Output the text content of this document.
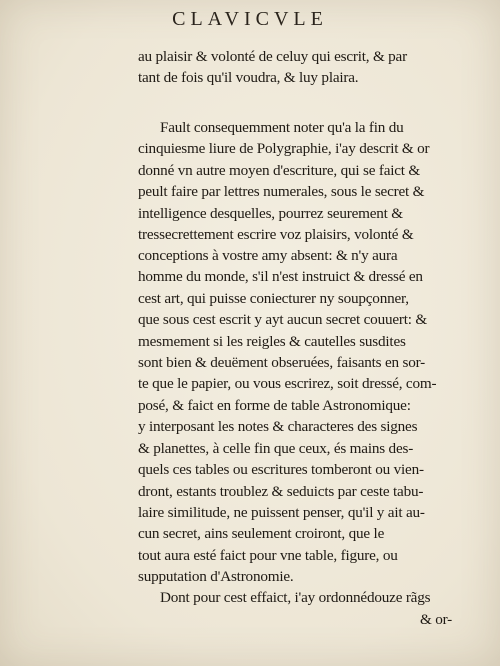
CLAVICVLE
au plaisir & volonté de celuy qui escrit, & par
tant de fois qu'il voudra, & luy plaira.
Fault consequemment noter qu'a la fin du
cinquiesme liure de Polygraphie, i'ay descrit & or
donné vn autre moyen d'escriture, qui se faict &
peult faire par lettres numerales, sous le secret &
intelligence desquelles, pourrez seurement &
tressecrettement escrire voz plaisirs, volonté &
conceptions à vostre amy absent: & n'y aura
homme du monde, s'il n'est instruict & dressé en
cest art, qui puisse coniecturer ny soupçonner,
que sous cest escrit y ayt aucun secret couuert: &
mesmement si les reigles & cautelles susdites
sont bien & deuëment obseruées, faisants en sor-
te que le papier, ou vous escrirez, soit dressé, com-
posé, & faict en forme de table Astronomique:
y interposant les notes & characteres des signes
& planettes, à celle fin que ceux, és mains des-
quels ces tables ou escritures tomberont ou vien-
dront, estants troublez & seduicts par ceste tabu-
laire similitude, ne puissent penser, qu'il y ait au-
cun secret, ains seulement croiront, que le
tout aura esté faict pour vne table, figure, ou
supputation d'Astronomie.
Dont pour cest effaict, i'ay ordonnédouze rãgs
& or-
